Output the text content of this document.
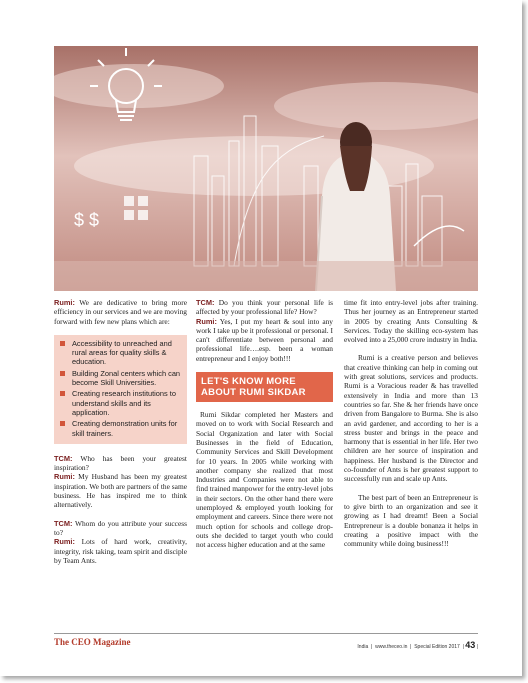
$ $

Rumi: We are dedicative to bring more efficiency in our services and we are moving forward with few new plans which are:

Accessibility to unreached and rural areas for quality skills & education.
Building Zonal centers which can become Skill Universities.
Creating research institutions to understand skills and its application.
Creating demonstration units for skill trainers.

TCM: Who has been your greatest inspiration?

Rumi: My Husband has been my greatest inspiration. We both are partners of the same business. He has inspired me to think alternatively.

TCM: Whom do you attribute your success to?

Rumi: Lots of hard work, creativity, integrity, risk taking, team spirit and disciple by Team Ants.

TCM: Do you think your personal life is affected by your professional life? How?

Rumi: Yes, I put my heart & soul into any work I take up be it professional or personal. I can't differentiate between personal and professional life….esp. been a woman entrepreneur and I enjoy both!!!

LET'S KNOW MORE ABOUT RUMI SIKDAR

Rumi Sikdar completed her Masters and moved on to work with Social Research and Social Organization and later with Social Businesses in the field of Education, Community Services and Skill Development for 10 years. In 2005 while working with another company she realized that most Industries and Companies were not able to find trained manpower for the entry-level jobs in their sectors. On the other hand there were unemployed & employed youth looking for employment and careers. Since there were not much option for schools and college drop-outs she decided to target youth who could not access higher education and at the same

time fit into entry-level jobs after training. Thus her journey as an Entrepreneur started in 2005 by creating Ants Consulting & Services. Today the skilling eco-system has evolved into a 25,000 crore industry in India.

Rumi is a creative person and believes that creative thinking can help in coming out with great solutions, services and products. Rumi is a Voracious reader & has travelled extensively in India and more than 13 countries so far. She & her friends have once driven from Bangalore to Burma. She is also an avid gardener, and according to her is a stress buster and brings in the peace and harmony that is essential in her life. Her two children are her source of inspiration and happiness. Her husband is the Director and co-founder of Ants is her greatest support to successfully run and scale up Ants.

The best part of been an Entrepreneur is to give birth to an organization and see it growing as I had dreamt! Been a Social Entrepreneur is a double bonanza it helps in creating a positive impact with the community while doing business!!!

The CEO Magazine	India  |  www.theceo.in  |  Special Edition 2017  | 43 |
